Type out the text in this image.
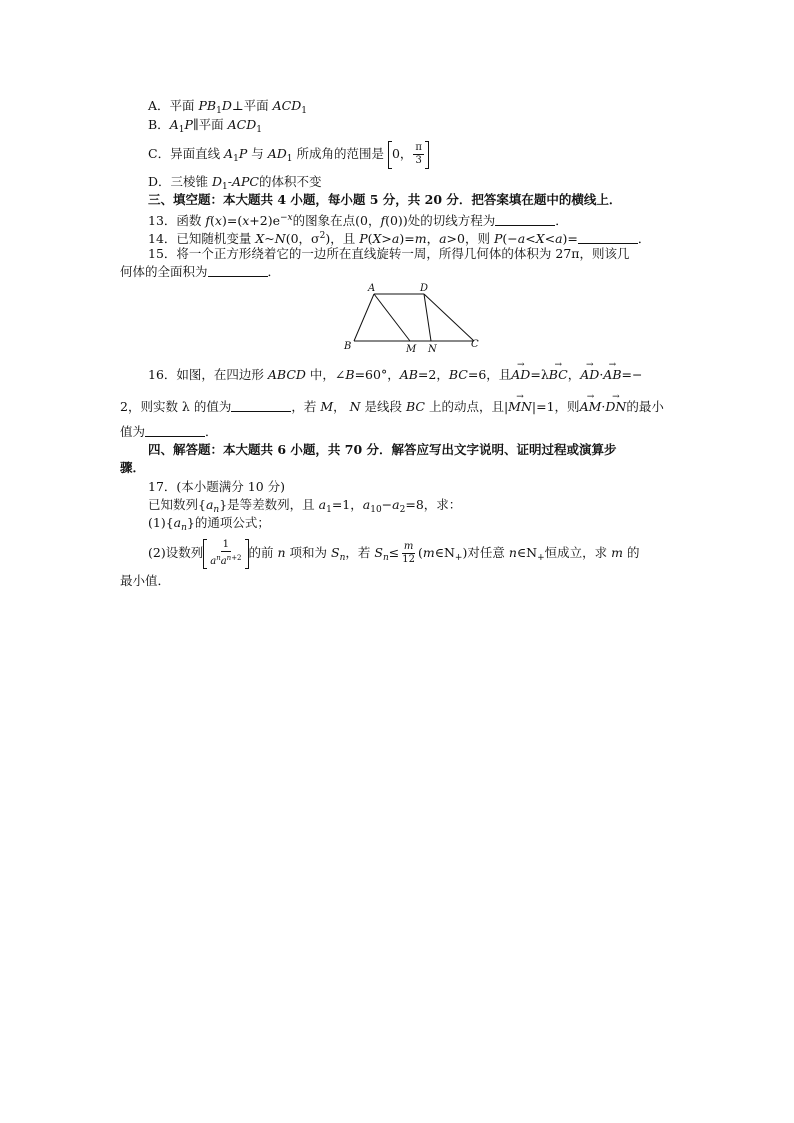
A．平面 $PB_1D\perp$平面 $ACD_1$
B．$A_1P\parallel$平面 $ACD_1$
C．异面直线 $A_1P$ 与 $AD_1$ 所成角的范围是 0， $\frac{\pi}{3}$
D．三棱锥 $D_1$-APC的体积不变
三、填空题：本大题共 4 小题，每小题 5 分，共 20 分．把答案填在题中的横线上．
13．函数 $f(x)=(x+2)e^{-x}$的图象在点(0，f(0))处的切线方程为	．
14．已知随机变量 X~N(0，$\sigma^2$)，且 P(X>a)=m，a>0，则 P(−a<X<a)=	．
15．将一个正方形绕着它的一边所在直线旋转一周，所得几何体的体积为 27π，则该几
何体的全面积为	．
A	D
B	M N	C
16．如图，在四边形 ABCD 中，∠B=60°，AB=2，BC=6，且→ AD=λ→ BC，→ AD·→ AB=−
2，则实数 λ 的值为	，若 M， N 是线段 BC 上的动点，且|→ MN|=1，则→ AM·→ DN的最小
值为	．
四、解答题：本大题共 6 小题，共 70 分．解答应写出文字说明、证明过程或演算步
骤．
17．(本小题满分 10 分)
已知数列$\{a_n\}$是等差数列，且 $a_1=1$，$a_{10}-a_2=8$，求：
$(1)\{a_n\}$的通项公式；
(2)设数列 $\frac{1}{a^na^{n+2}}$ 的前 n 项和为 $S_n$，若 $S_n\le \frac{m}{12}$ $(m\in N_+)$对任意 $n\in N_+$恒成立，求 m 的
最小值．
